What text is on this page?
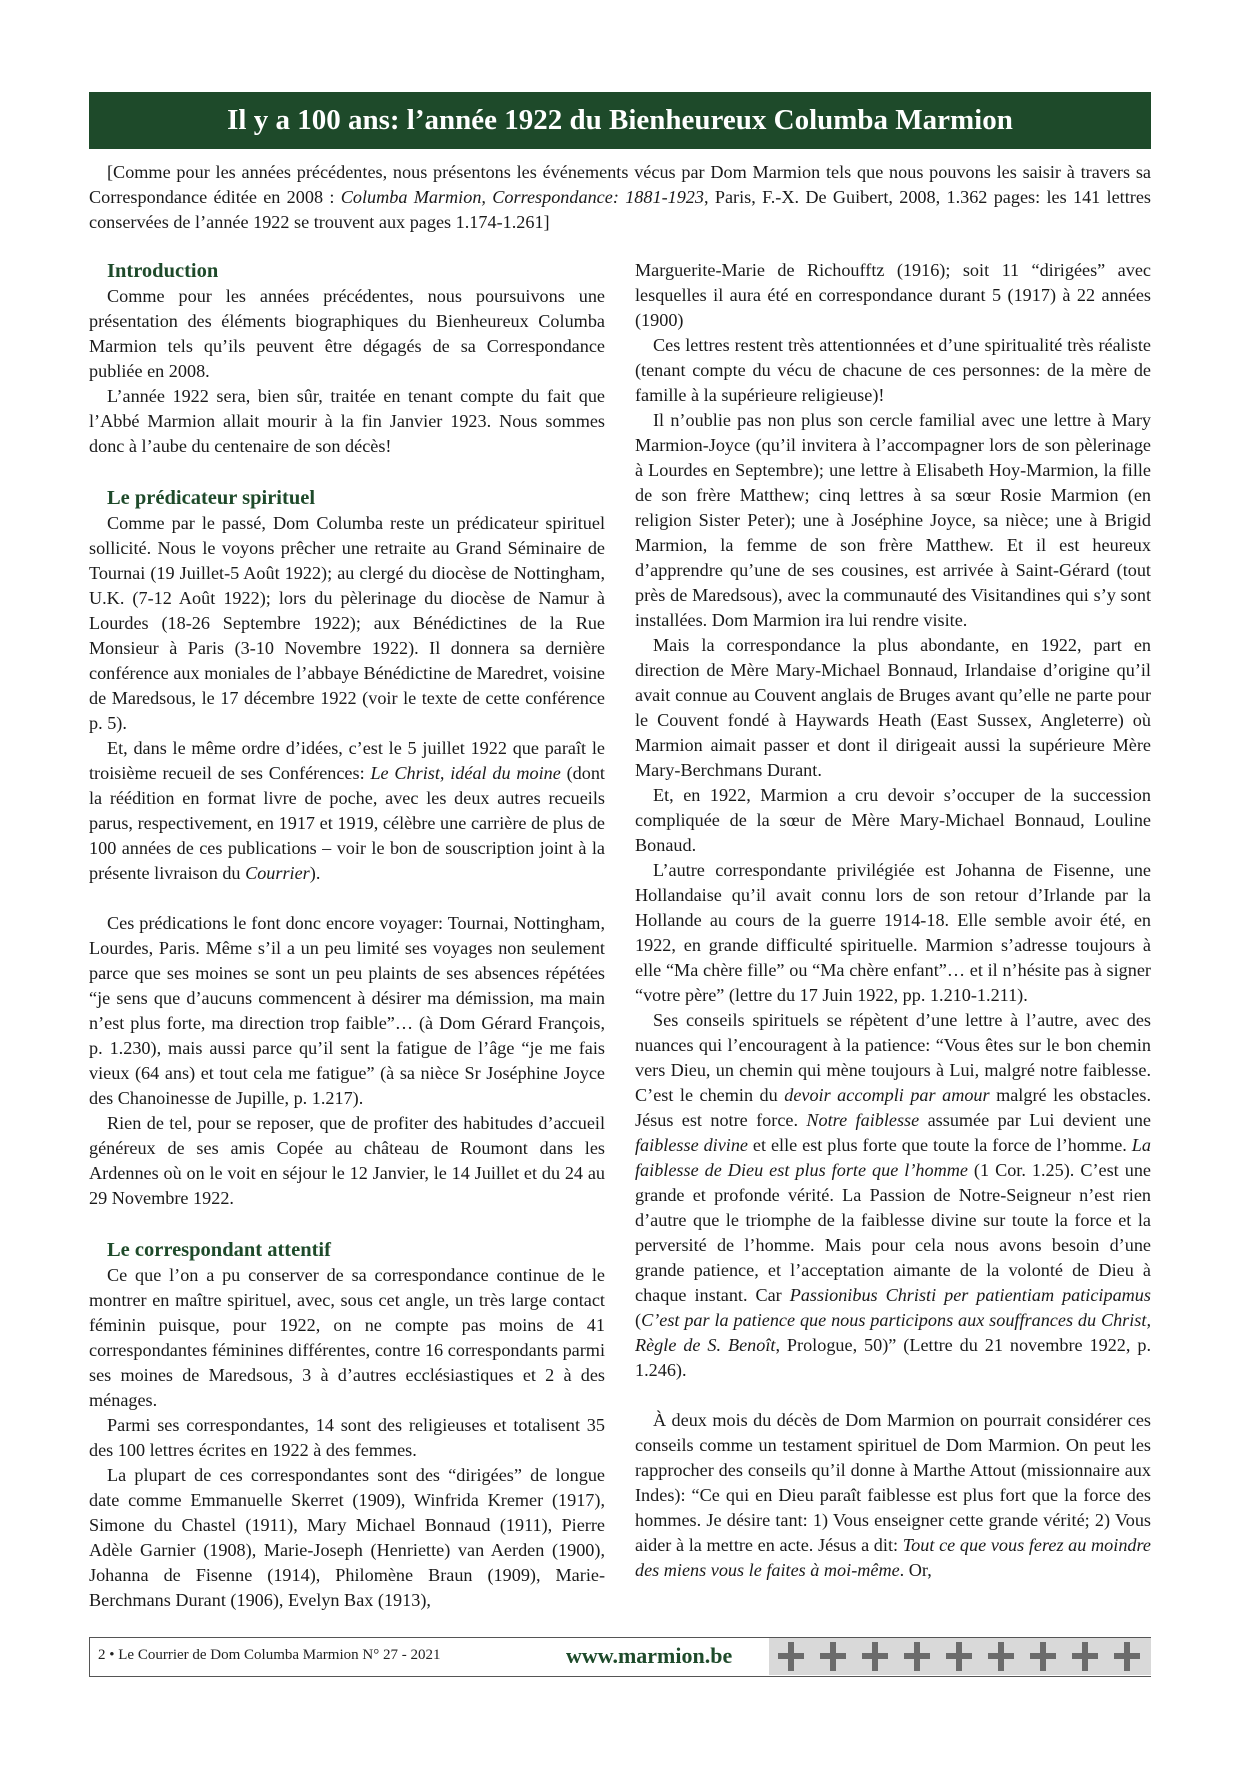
Il y a 100 ans: l’année 1922 du Bienheureux Columba Marmion

[Comme pour les années précédentes, nous présentons les événements vécus par Dom Marmion tels que nous pouvons les saisir à travers sa Correspondance éditée en 2008 : Columba Marmion, Correspondance: 1881-1923, Paris, F.-X. De Guibert, 2008, 1.362 pages: les 141 lettres conservées de l’année 1922 se trouvent aux pages 1.174-1.261]

Introduction

Comme pour les années précédentes, nous poursuivons une présentation des éléments biographiques du Bienheureux Columba Marmion tels qu’ils peuvent être dégagés de sa Correspondance publiée en 2008.

L’année 1922 sera, bien sûr, traitée en tenant compte du fait que l’Abbé Marmion allait mourir à la fin Janvier 1923. Nous sommes donc à l’aube du centenaire de son décès!

Le prédicateur spirituel

Comme par le passé, Dom Columba reste un prédicateur spirituel sollicité. Nous le voyons prêcher une retraite au Grand Séminaire de Tournai (19 Juillet-5 Août 1922); au clergé du diocèse de Nottingham, U.K. (7-12 Août 1922); lors du pèlerinage du diocèse de Namur à Lourdes (18-26 Septembre 1922); aux Bénédictines de la Rue Monsieur à Paris (3-10 Novembre 1922). Il donnera sa dernière conférence aux moniales de l’abbaye Bénédictine de Maredret, voisine de Maredsous, le 17 décembre 1922 (voir le texte de cette conférence p. 5).

Et, dans le même ordre d’idées, c’est le 5 juillet 1922 que paraît le troisième recueil de ses Conférences: Le Christ, idéal du moine (dont la réédition en format livre de poche, avec les deux autres recueils parus, respectivement, en 1917 et 1919, célèbre une carrière de plus de 100 années de ces publications – voir le bon de souscription joint à la présente livraison du Courrier).

Ces prédications le font donc encore voyager: Tournai, Nottingham, Lourdes, Paris. Même s’il a un peu limité ses voyages non seulement parce que ses moines se sont un peu plaints de ses absences répétées “je sens que d’aucuns commencent à désirer ma démission, ma main n’est plus forte, ma direction trop faible”… (à Dom Gérard François, p. 1.230), mais aussi parce qu’il sent la fatigue de l’âge “je me fais vieux (64 ans) et tout cela me fatigue” (à sa nièce Sr Joséphine Joyce des Chanoinesse de Jupille, p. 1.217).

Rien de tel, pour se reposer, que de profiter des habitudes d’accueil généreux de ses amis Copée au château de Roumont dans les Ardennes où on le voit en séjour le 12 Janvier, le 14 Juillet et du 24 au 29 Novembre 1922.

Le correspondant attentif

Ce que l’on a pu conserver de sa correspondance continue de le montrer en maître spirituel, avec, sous cet angle, un très large contact féminin puisque, pour 1922, on ne compte pas moins de 41 correspondantes féminines différentes, contre 16 correspondants parmi ses moines de Maredsous, 3 à d’autres ecclésiastiques et 2 à des ménages.

Parmi ses correspondantes, 14 sont des religieuses et totalisent 35 des 100 lettres écrites en 1922 à des femmes.

La plupart de ces correspondantes sont des “dirigées” de longue date comme Emmanuelle Skerret (1909), Winfrida Kremer (1917), Simone du Chastel (1911), Mary Michael Bonnaud (1911), Pierre Adèle Garnier (1908), Marie-Joseph (Henriette) van Aerden (1900), Johanna de Fisenne (1914), Philomène Braun (1909), Marie-Berchmans Durant (1906), Evelyn Bax (1913),

Marguerite-Marie de Richoufftz (1916); soit 11 “dirigées” avec lesquelles il aura été en correspondance durant 5 (1917) à 22 années (1900)

Ces lettres restent très attentionnées et d’une spiritualité très réaliste (tenant compte du vécu de chacune de ces personnes: de la mère de famille à la supérieure religieuse)!

Il n’oublie pas non plus son cercle familial avec une lettre à Mary Marmion-Joyce (qu’il invitera à l’accompagner lors de son pèlerinage à Lourdes en Septembre); une lettre à Elisabeth Hoy-Marmion, la fille de son frère Matthew; cinq lettres à sa sœur Rosie Marmion (en religion Sister Peter); une à Joséphine Joyce, sa nièce; une à Brigid Marmion, la femme de son frère Matthew. Et il est heureux d’apprendre qu’une de ses cousines, est arrivée à Saint-Gérard (tout près de Maredsous), avec la communauté des Visitandines qui s’y sont installées. Dom Marmion ira lui rendre visite.

Mais la correspondance la plus abondante, en 1922, part en direction de Mère Mary-Michael Bonnaud, Irlandaise d’origine qu’il avait connue au Couvent anglais de Bruges avant qu’elle ne parte pour le Couvent fondé à Haywards Heath (East Sussex, Angleterre) où Marmion aimait passer et dont il dirigeait aussi la supérieure Mère Mary-Berchmans Durant.

Et, en 1922, Marmion a cru devoir s’occuper de la succession compliquée de la sœur de Mère Mary-Michael Bonnaud, Louline Bonaud.

L’autre correspondante privilégiée est Johanna de Fisenne, une Hollandaise qu’il avait connu lors de son retour d’Irlande par la Hollande au cours de la guerre 1914-18. Elle semble avoir été, en 1922, en grande difficulté spirituelle. Marmion s’adresse toujours à elle “Ma chère fille” ou “Ma chère enfant”… et il n’hésite pas à signer “votre père” (lettre du 17 Juin 1922, pp. 1.210-1.211).

Ses conseils spirituels se répètent d’une lettre à l’autre, avec des nuances qui l’encouragent à la patience: “Vous êtes sur le bon chemin vers Dieu, un chemin qui mène toujours à Lui, malgré notre faiblesse. C’est le chemin du devoir accompli par amour malgré les obstacles. Jésus est notre force. Notre faiblesse assumée par Lui devient une faiblesse divine et elle est plus forte que toute la force de l’homme. La faiblesse de Dieu est plus forte que l’homme (1 Cor. 1.25). C’est une grande et profonde vérité. La Passion de Notre-Seigneur n’est rien d’autre que le triomphe de la faiblesse divine sur toute la force et la perversité de l’homme. Mais pour cela nous avons besoin d’une grande patience, et l’acceptation aimante de la volonté de Dieu à chaque instant. Car Passionibus Christi per patientiam paticipamus (C’est par la patience que nous participons aux souffrances du Christ, Règle de S. Benoît, Prologue, 50)” (Lettre du 21 novembre 1922, p. 1.246).

À deux mois du décès de Dom Marmion on pourrait considérer ces conseils comme un testament spirituel de Dom Marmion. On peut les rapprocher des conseils qu’il donne à Marthe Attout (missionnaire aux Indes): “Ce qui en Dieu paraît faiblesse est plus fort que la force des hommes. Je désire tant: 1) Vous enseigner cette grande vérité; 2) Vous aider à la mettre en acte. Jésus a dit: Tout ce que vous ferez au moindre des miens vous le faites à moi-même. Or,

2 • Le Courrier de Dom Columba Marmion N° 27 - 2021	www.marmion.be
